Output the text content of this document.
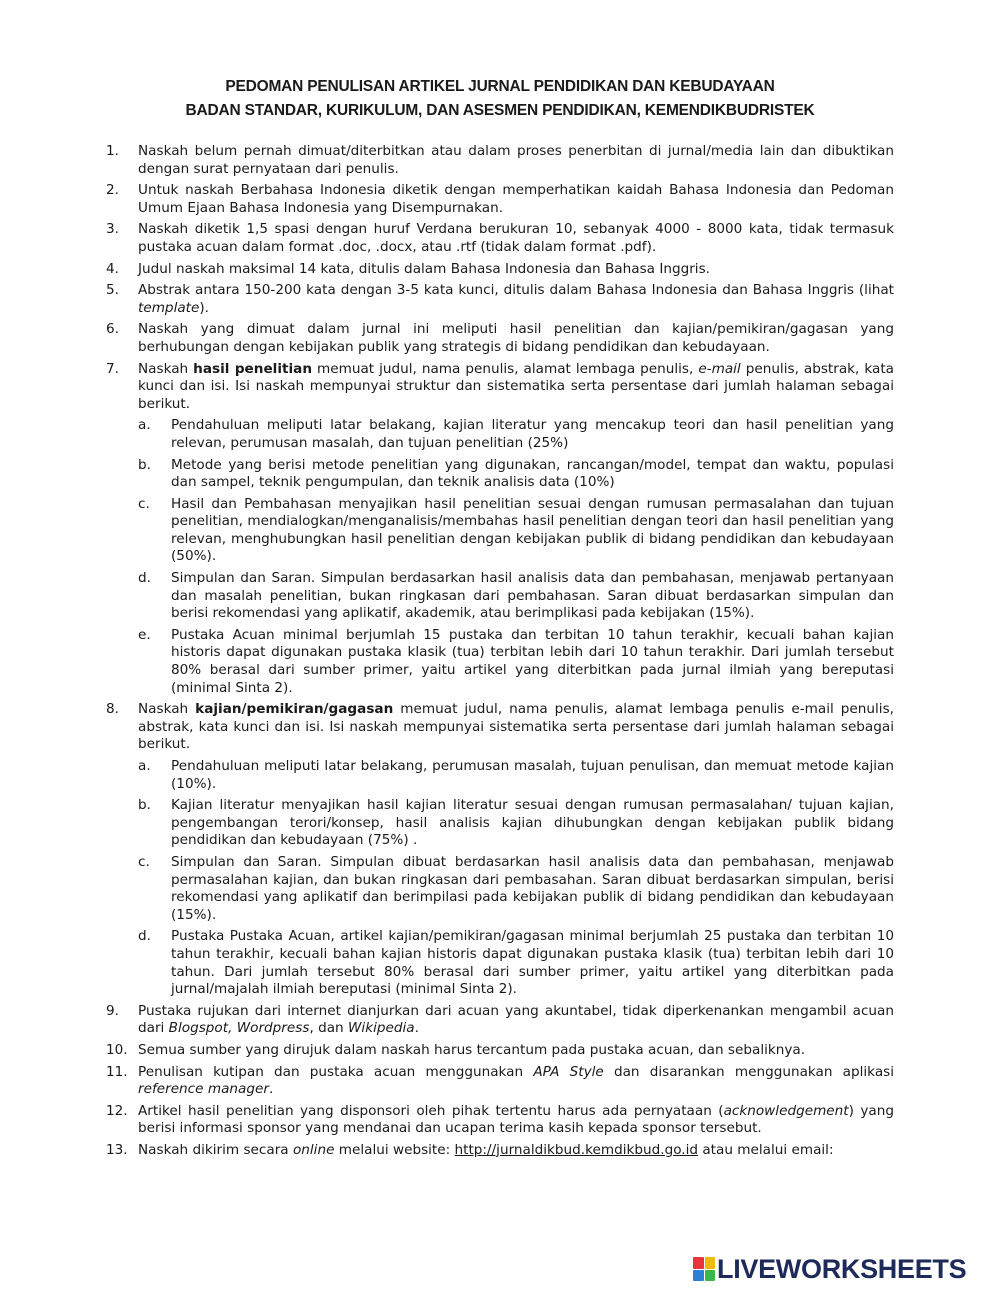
PEDOMAN PENULISAN ARTIKEL JURNAL PENDIDIKAN DAN KEBUDAYAAN
BADAN STANDAR, KURIKULUM, DAN ASESMEN PENDIDIKAN, KEMENDIKBUDRISTEK
1. Naskah belum pernah dimuat/diterbitkan atau dalam proses penerbitan di jurnal/media lain dan dibuktikan dengan surat pernyataan dari penulis.
2. Untuk naskah Berbahasa Indonesia diketik dengan memperhatikan kaidah Bahasa Indonesia dan Pedoman Umum Ejaan Bahasa Indonesia yang Disempurnakan.
3. Naskah diketik 1,5 spasi dengan huruf Verdana berukuran 10, sebanyak 4000 - 8000 kata, tidak termasuk pustaka acuan dalam format .doc, .docx, atau .rtf (tidak dalam format .pdf).
4. Judul naskah maksimal 14 kata, ditulis dalam Bahasa Indonesia dan Bahasa Inggris.
5. Abstrak antara 150-200 kata dengan 3-5 kata kunci, ditulis dalam Bahasa Indonesia dan Bahasa Inggris (lihat template).
6. Naskah yang dimuat dalam jurnal ini meliputi hasil penelitian dan kajian/pemikiran/gagasan yang berhubungan dengan kebijakan publik yang strategis di bidang pendidikan dan kebudayaan.
7. Naskah hasil penelitian memuat judul, nama penulis, alamat lembaga penulis, e-mail penulis, abstrak, kata kunci dan isi. Isi naskah mempunyai struktur dan sistematika serta persentase dari jumlah halaman sebagai berikut.
a. Pendahuluan meliputi latar belakang, kajian literatur yang mencakup teori dan hasil penelitian yang relevan, perumusan masalah, dan tujuan penelitian (25%)
b. Metode yang berisi metode penelitian yang digunakan, rancangan/model, tempat dan waktu, populasi dan sampel, teknik pengumpulan, dan teknik analisis data (10%)
c. Hasil dan Pembahasan menyajikan hasil penelitian sesuai dengan rumusan permasalahan dan tujuan penelitian, mendialogkan/menganalisis/membahas hasil penelitian dengan teori dan hasil penelitian yang relevan, menghubungkan hasil penelitian dengan kebijakan publik di bidang pendidikan dan kebudayaan (50%).
d. Simpulan dan Saran. Simpulan berdasarkan hasil analisis data dan pembahasan, menjawab pertanyaan dan masalah penelitian, bukan ringkasan dari pembahasan. Saran dibuat berdasarkan simpulan dan berisi rekomendasi yang aplikatif, akademik, atau berimplikasi pada kebijakan (15%).
e. Pustaka Acuan minimal berjumlah 15 pustaka dan terbitan 10 tahun terakhir, kecuali bahan kajian historis dapat digunakan pustaka klasik (tua) terbitan lebih dari 10 tahun terakhir. Dari jumlah tersebut 80% berasal dari sumber primer, yaitu artikel yang diterbitkan pada jurnal ilmiah yang bereputasi (minimal Sinta 2).
8. Naskah kajian/pemikiran/gagasan memuat judul, nama penulis, alamat lembaga penulis e-mail penulis, abstrak, kata kunci dan isi. Isi naskah mempunyai sistematika serta persentase dari jumlah halaman sebagai berikut.
a. Pendahuluan meliputi latar belakang, perumusan masalah, tujuan penulisan, dan memuat metode kajian (10%).
b. Kajian literatur menyajikan hasil kajian literatur sesuai dengan rumusan permasalahan/ tujuan kajian, pengembangan terori/konsep, hasil analisis kajian dihubungkan dengan kebijakan publik bidang pendidikan dan kebudayaan (75%) .
c. Simpulan dan Saran. Simpulan dibuat berdasarkan hasil analisis data dan pembahasan, menjawab permasalahan kajian, dan bukan ringkasan dari pembasahan. Saran dibuat berdasarkan simpulan, berisi rekomendasi yang aplikatif dan berimpilasi pada kebijakan publik di bidang pendidikan dan kebudayaan (15%).
d. Pustaka Pustaka Acuan, artikel kajian/pemikiran/gagasan minimal berjumlah 25 pustaka dan terbitan 10 tahun terakhir, kecuali bahan kajian historis dapat digunakan pustaka klasik (tua) terbitan lebih dari 10 tahun. Dari jumlah tersebut 80% berasal dari sumber primer, yaitu artikel yang diterbitkan pada jurnal/majalah ilmiah bereputasi (minimal Sinta 2).
9. Pustaka rujukan dari internet dianjurkan dari acuan yang akuntabel, tidak diperkenankan mengambil acuan dari Blogspot, Wordpress, dan Wikipedia.
10. Semua sumber yang dirujuk dalam naskah harus tercantum pada pustaka acuan, dan sebaliknya.
11. Penulisan kutipan dan pustaka acuan menggunakan APA Style dan disarankan menggunakan aplikasi reference manager.
12. Artikel hasil penelitian yang disponsori oleh pihak tertentu harus ada pernyataan (acknowledgement) yang berisi informasi sponsor yang mendanai dan ucapan terima kasih kepada sponsor tersebut.
13. Naskah dikirim secara online melalui website: http://jurnaldikbud.kemdikbud.go.id atau melalui email:
LIVEWORKSHEETS
